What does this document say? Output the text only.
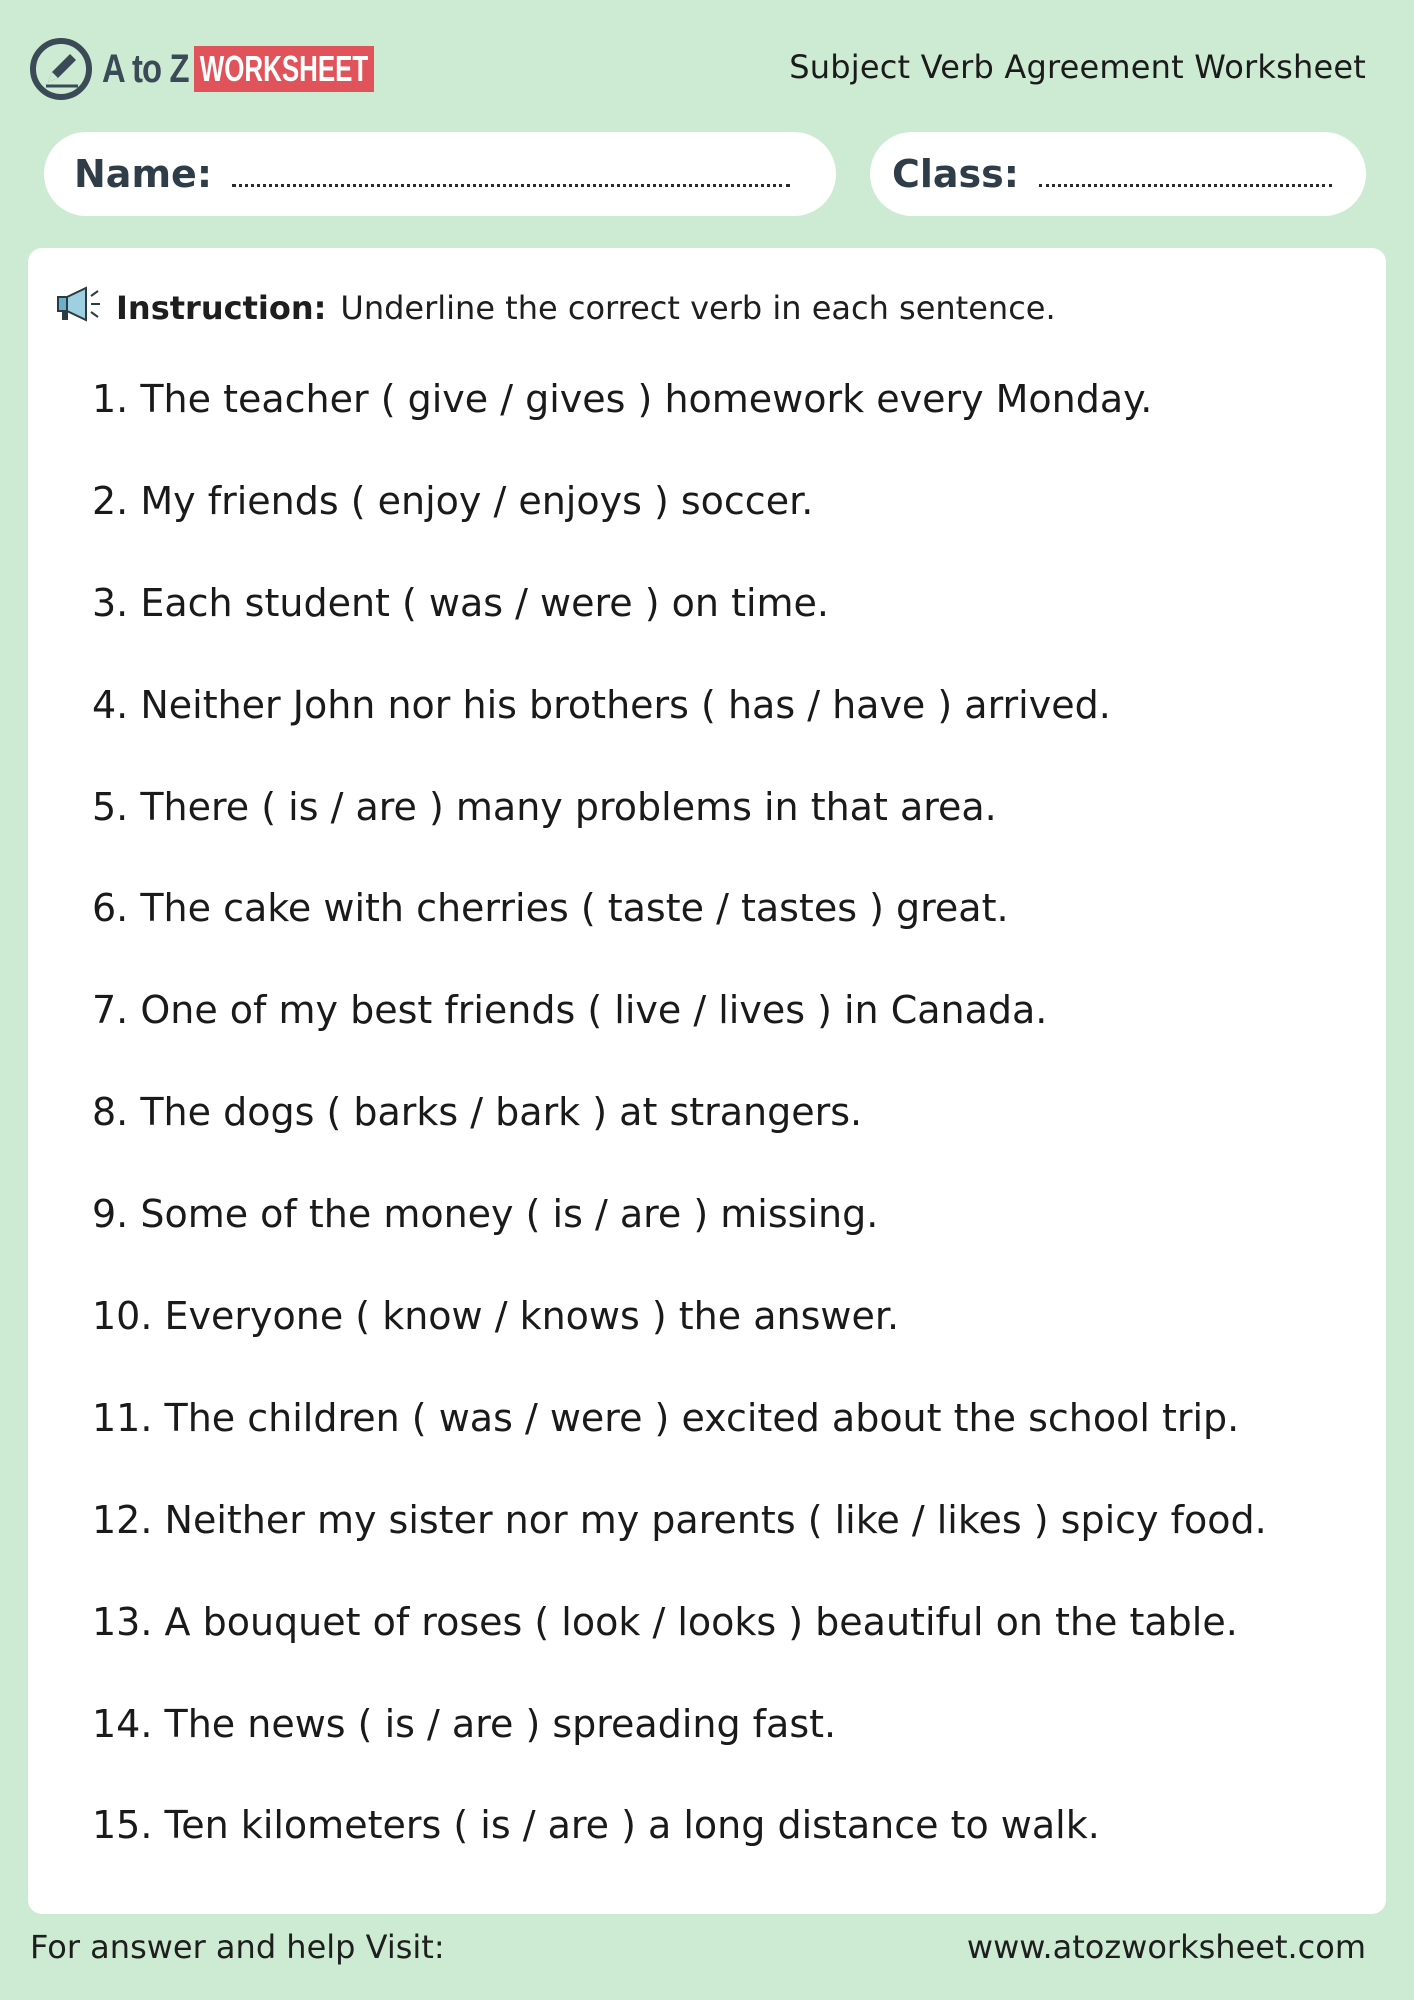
A to Z WORKSHEET	Subject Verb Agreement Worksheet
Name:	Class:
Instruction: Underline the correct verb in each sentence.
1. The teacher ( give / gives ) homework every Monday.
2. My friends ( enjoy / enjoys ) soccer.
3. Each student ( was / were ) on time.
4. Neither John nor his brothers ( has / have ) arrived.
5. There ( is / are ) many problems in that area.
6. The cake with cherries ( taste / tastes ) great.
7. One of my best friends ( live / lives ) in Canada.
8. The dogs ( barks / bark ) at strangers.
9. Some of the money ( is / are ) missing.
10. Everyone ( know / knows ) the answer.
11. The children ( was / were ) excited about the school trip.
12. Neither my sister nor my parents ( like / likes ) spicy food.
13. A bouquet of roses ( look / looks ) beautiful on the table.
14. The news ( is / are ) spreading fast.
15. Ten kilometers ( is / are ) a long distance to walk.
For answer and help Visit:	www.atozworksheet.com
